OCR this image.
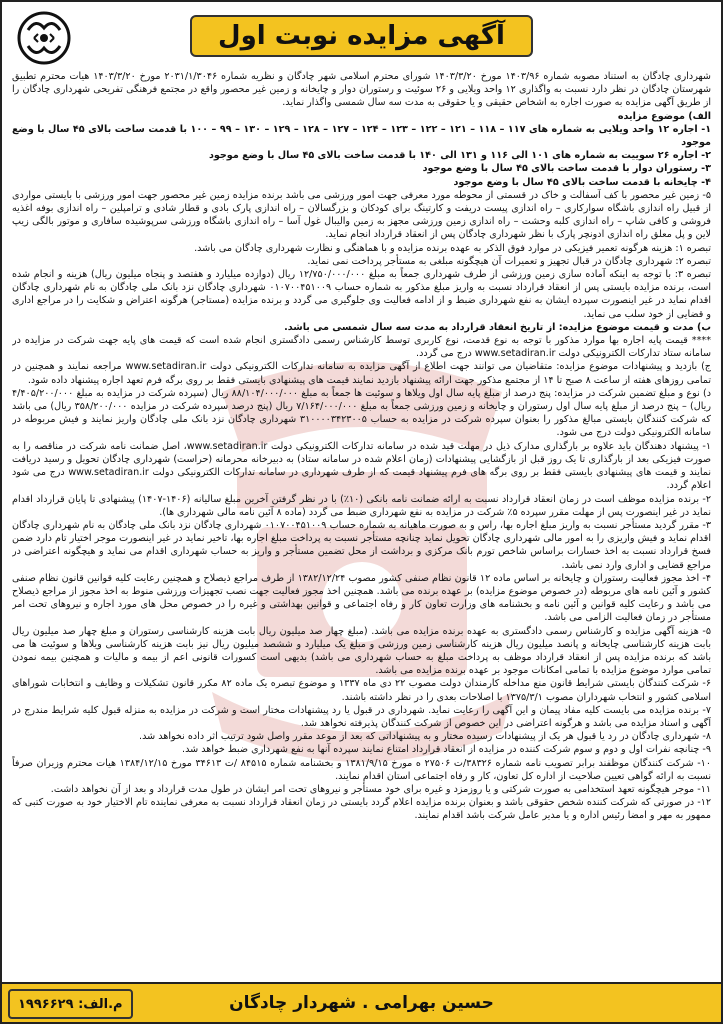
آگهی مزایده نوبت اول

شهرداری چادگان به استناد مصوبه شماره ۱۴۰۳/۹۶ مورخ ۱۴۰۳/۳/۲۰ شورای محترم اسلامی شهر چادگان و نظریه شماره ۲۰۳۱/۱/۳۰۴۶ مورخ ۱۴۰۳/۳/۲۰ هیات محترم تطبیق شهرستان چادگان در نظر دارد نسبت به واگذاری ۱۲ واحد ویلایی و ۲۶ سوئیت و رستوران دوار و چایخانه و زمین غیر محصور واقع در مجتمع فرهنگی تفریحی شهرداری چادگان را از طریق آگهی مزایده به صورت اجاره به اشخاص حقیقی و یا حقوقی به مدت سه سال شمسی واگذار نماید.

الف) موضوع مزایده

۱- اجاره ۱۲ واحد ویلایی به شماره های ۱۱۷ – ۱۱۸ – ۱۲۱ – ۱۲۲ – ۱۲۳ – ۱۲۴ – ۱۲۷ – ۱۲۸ – ۱۲۹ – ۱۳۰ – ۹۹ – ۱۰۰ با قدمت ساخت بالای ۴۵ سال با وضع موجود

۲- اجاره ۲۶ سوییت به شماره های ۱۰۱ الی ۱۱۶ و ۱۳۱ الی ۱۴۰ با قدمت ساخت بالای ۴۵ سال با وضع موجود

۳- رستوران دوار با قدمت ساخت بالای ۴۵ سال با وضع موجود

۴- چایخانه با قدمت ساخت بالای ۴۵ سال با وضع موجود

۵- زمین غیر محصور با کف آسفالت و خاک در قسمتی از محوطه مورد معرفی جهت امور ورزشی می باشد برنده مزایده زمین غیر محصور جهت امور ورزشی با بایستی مواردی از قبیل راه اندازی باشگاه سوارکاری – راه اندازی پیست دریفت و کارتینگ برای کودکان و بزرگسالان – راه اندازی پارک بادی و قطار شادی و ترامپلین – راه اندازی بوفه اغذیه فروشی و کافی شاپ – راه اندازی کلبه وحشت – راه اندازی زمین ورزشی مجهز به زمین والیبال غول آسا – راه اندازی باشگاه ورزشی سرپوشیده سافاری و موتور بالگی زیپ لاین و پل معلق راه اندازی ادونچر پارک با نظر شهرداری چادگان پس از انعقاد قرارداد انجام نماید.

تبصره ۱: هزینه هرگونه تعمیر فیزیکی در موارد فوق الذکر به عهده برنده مزایده و با هماهنگی و نظارت شهرداری چادگان می باشد.

تبصره ۲: شهرداری چادگان در قبال تجهیز و تعمیرات آن هیچگونه مبلغی به مستأجر پرداخت نمی نماید.

تبصره ۳: با توجه به اینکه آماده سازی زمین ورزشی از طرف شهرداری جمعاً به مبلغ ۱۲/۷۵۰/۰۰۰/۰۰۰ ریال (دوازده میلیارد و هفتصد و پنجاه میلیون ریال) هزینه و انجام شده است، برنده مزایده بایستی پس از انعقاد قرارداد نسبت به واریز مبلغ مذکور به شماره حساب ۰۱۰۷۰۰۴۵۱۰۰۹ شهرداری چادگان نزد بانک ملی چادگان به نام شهرداری چادگان اقدام نماید در غیر اینصورت سپرده ایشان به نفع شهرداری ضبط و از ادامه فعالیت وی جلوگیری می گردد و برنده مزایده (مستاجر) هرگونه اعتراض و شکایت را در مراجع اداری و قضایی از خود سلب می نماید.

ب) مدت و قیمت موضوع مزایده: از تاریخ انعقاد قرارداد به مدت سه سال شمسی می باشد.

**** قیمت پایه اجاره بها موارد مذکور با توجه به نوع قدمت، نوع کاربری توسط کارشناس رسمی دادگستری انجام شده است که قیمت های پایه جهت شرکت در مزایده در سامانه ستاد تدارکات الکترونیکی دولت www.setadiran.ir درج می گردد.

ج) بازدید و پیشنهادات موضوع مزایده: متقاضیان می توانند جهت اطلاع از آگهی مزایده به سامانه تدارکات الکترونیکی دولت www.setadiran.ir مراجعه نمایند و همچنین در تمامی روزهای هفته از ساعت ۸ صبح تا ۱۴ از مجتمع مذکور جهت ارائه پیشنهاد بازدید نمایند قیمت های پیشنهادی بایستی فقط بر روی برگه فرم تعهد اجاره پیشنهاد داده شود.

د) نوع و مبلغ تضمین شرکت در مزایده: پنج درصد از مبلغ پایه سال اول ویلاها و سوئیت ها جمعاً به مبلغ ۸۸/۱۰۴/۰۰۰/۰۰۰ ریال (سپرده شرکت در مزایده به مبلغ ۴/۴۰۵/۲۰۰/۰۰۰ ریال) – پنج درصد از مبلغ پایه سال اول رستوران و چایخانه و زمین ورزشی جمعاً به مبلغ ۷/۱۶۴/۰۰۰/۰۰۰ ریال (پنج درصد سپرده شرکت در مزایده ۳۵۸/۲۰۰/۰۰۰ ریال) می باشد که شرکت کنندگان بایستی مبالغ مذکور را بعنوان سپرده شرکت در مزایده به حساب ۳۱۰۰۰۰۳۴۲۳۰۰۵ شهرداری چادگان نزد بانک ملی چادگان واریز نمایند و فیش مربوطه در سامانه الکترونیکی دولت درج می شود.

۱- پیشنهاد دهندگان باید علاوه بر بارگذاری مدارک ذیل در مهلت قید شده در سامانه تدارکات الکترونیکی دولت www.setadiran.ir، اصل ضمانت نامه شرکت در مناقصه را به صورت فیزیکی بعد از بارگذاری تا یک روز قبل از بازگشایی پیشنهادات (زمان اعلام شده در سامانه ستاد) به دبیرخانه محرمانه (حراست) شهرداری چادگان تحویل و رسید دریافت نمایند و قیمت های پیشنهادی بایستی فقط بر روی برگه های فرم پیشنهاد قیمت که از طرف شهرداری در سامانه تدارکات الکترونیکی دولت www.setadiran.ir درج می شود اعلام گردد.

۲- برنده مزایده موظف است در زمان انعقاد قرارداد نسبت به ارائه ضمانت نامه بانکی (۱۰٪) با در نظر گرفتن آخرین مبلغ سالیانه (۱۴۰۶-۱۴۰۷) پیشنهادی تا پایان قرارداد اقدام نماید در غیر اینصورت پس از مهلت مقرر سپرده ۵٪ شرکت در مزایده به نفع شهرداری ضبط می گردد (ماده ۸ آئین نامه مالی شهرداری ها).

۳- مقرر گردید مستأجر نسبت به واریز مبلغ اجاره بها، راس و به صورت ماهیانه به شماره حساب ۰۱۰۷۰۰۴۵۱۰۰۹ شهرداری چادگان نزد بانک ملی چادگان به نام شهرداری چادگان اقدام نماید و فیش واریزی را به امور مالی شهرداری چادگان تحویل نماید چنانچه مستأجر نسبت به پرداخت مبلغ اجاره بها، تاخیر نماید در غیر اینصورت موجر اختیار تام دارد ضمن فسخ قرارداد نسبت به اخذ خسارات براساس شاخص تورم بانک مرکزی و برداشت از محل تضمین مستأجر و واریز به حساب شهرداری اقدام می نماید و هیچگونه اعتراضی در مراجع قضایی و اداری وارد نمی باشد.

۴- اخذ مجوز فعالیت رستوران و چایخانه بر اساس ماده ۱۲ قانون نظام صنفی کشور مصوب ۱۳۸۲/۱۲/۲۴ از طرف مراجع ذیصلاح و همچنین رعایت کلیه قوانین قانون نظام صنفی کشور و آئین نامه های مربوطه (در خصوص موضوع مزایده) بر عهده برنده می باشد. همچنین اخذ مجوز فعالیت جهت نصب تجهیزات ورزشی منوط به اخذ مجوز از مراجع ذیصلاح می باشد و رعایت کلیه قوانین و آئین نامه و بخشنامه های وزارت تعاون کار و رفاه اجتماعی و قوانین بهداشتی و غیره را در خصوص محل های مورد اجاره و نیروهای تحت امر مستأجر در زمان فعالیت الزامی می باشد.

۵- هزینه آگهی مزایده و کارشناس رسمی دادگستری به عهده برنده مزایده می باشد. (مبلغ چهار صد میلیون ریال بابت هزینه کارشناسی رستوران و مبلغ چهار صد میلیون ریال بابت هزینه کارشناسی چایخانه و پانصد میلیون ریال هزینه کارشناسی زمین ورزشی و مبلغ یک میلیارد و ششصد میلیون ریال نیز بابت هزینه کارشناسی ویلاها و سوئیت ها می باشد که برنده مزایده پس از انعقاد قرارداد موظف به پرداخت مبلغ به حساب شهرداری می باشد) بدیهی است کسورات قانونی اعم از بیمه و مالیات و همچنین بیمه نمودن تمامی موارد موضوع مزایده با تمامی امکانات موجود بر عهده برنده مزایده می باشد.

۶- شرکت کنندگان بایستی شرایط قانون منع مداخله کارمندان دولت مصوب ۲۲ دی ماه ۱۳۳۷ و موضوع تبصره یک ماده ۸۲ مکرر قانون تشکیلات و وظایف و انتخابات شوراهای اسلامی کشور و انتخاب شهرداران مصوب ۱۳۷۵/۳/۱ با اصلاحات بعدی را در نظر داشته باشند.

۷- برنده مزایده می بایست کلیه مفاد پیمان و این آگهی را رعایت نماید. شهرداری در قبول یا رد پیشنهادات مختار است و شرکت در مزایده به منزله قبول کلیه شرایط مندرج در آگهی و اسناد مزایده می باشد و هرگونه اعتراضی در این خصوص از شرکت کنندگان پذیرفته نخواهد شد.

۸- شهرداری چادگان در رد یا قبول هر یک از پیشنهادات رسیده مختار و به پیشنهاداتی که بعد از موعد مقرر واصل شود ترتیب اثر داده نخواهد شد.

۹- چنانچه نفرات اول و دوم و سوم شرکت کننده در مزایده از انعقاد قرارداد امتناع نمایند سپرده آنها به نفع شهرداری ضبط خواهد شد.

۱۰- شرکت کنندگان موظفند برابر تصویب نامه شماره ۳۸۳۲۶/ت ۲۷۵۰۶ ه مورخ ۱۳۸۱/۹/۱۵ و بخشنامه شماره ۸۴۵۱۵ /ت ۳۴۶۱۳ مورخ ۱۳۸۴/۱۲/۱۵ هیات محترم وزیران صرفاً نسبت به ارائه گواهی تعیین صلاحیت از اداره کل تعاون، کار و رفاه اجتماعی استان اقدام نمایند.

۱۱- موجر هیچگونه تعهد استخدامی به صورت شرکتی و یا روزمزد و غیره برای خود مستأجر و نیروهای تحت امر ایشان در طول مدت قرارداد و بعد از آن نخواهد داشت.

۱۲- در صورتی که شرکت کننده شخص حقوقی باشد و بعنوان برنده مزایده اعلام گردد بایستی در زمان انعقاد قرارداد نسبت به معرفی نماینده تام الاختیار خود به صورت کتبی که ممهور به مهر و امضا رئیس اداره و یا مدیر عامل شرکت باشد اقدام نمایند.

حسین بهرامی . شهردار چادگان
م.الف: ۱۹۹۶۶۲۹
